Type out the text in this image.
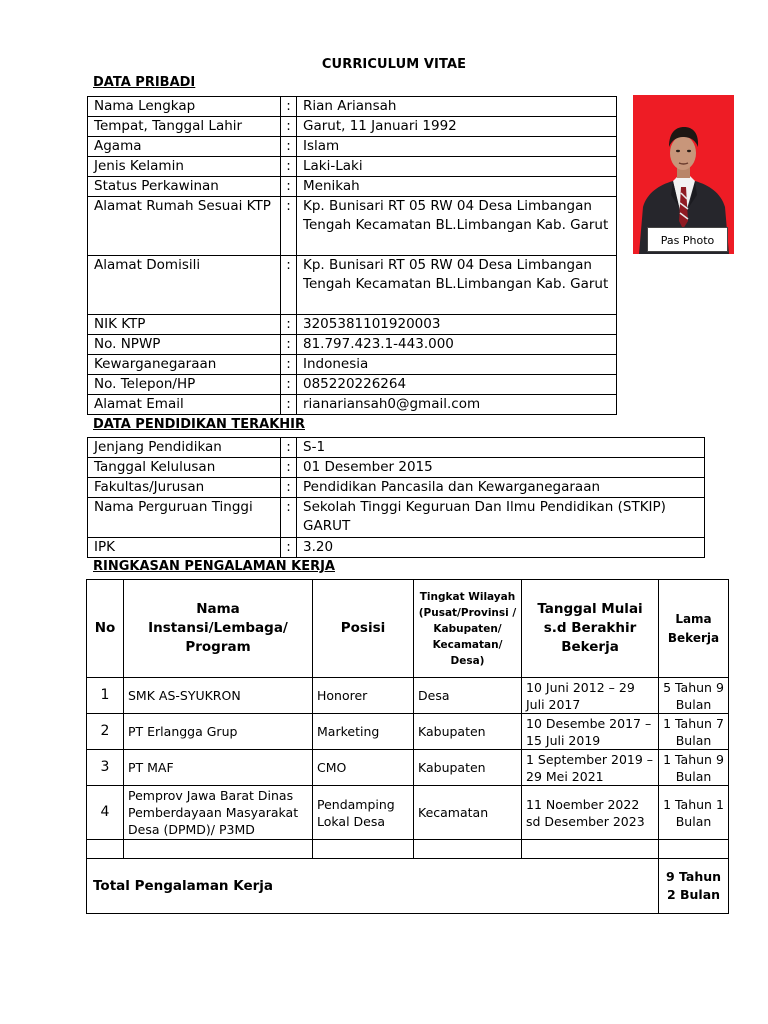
CURRICULUM VITAE
DATA PRIBADI
Nama Lengkap	:	Rian Ariansah
Tempat, Tanggal Lahir	:	Garut, 11 Januari 1992
Agama	:	Islam
Jenis Kelamin	:	Laki-Laki
Status Perkawinan	:	Menikah
Alamat Rumah Sesuai KTP	:	Kp. Bunisari RT 05 RW 04 Desa Limbangan Tengah Kecamatan BL.Limbangan Kab. Garut
Alamat Domisili	:	Kp. Bunisari RT 05 RW 04 Desa Limbangan Tengah Kecamatan BL.Limbangan Kab. Garut
NIK KTP	:	3205381101920003
No. NPWP	:	81.797.423.1-443.000
Kewarganegaraan	:	Indonesia
No. Telepon/HP	:	085220226264
Alamat Email	:	rianariansah0@gmail.com
Pas Photo
DATA PENDIDIKAN TERAKHIR
Jenjang Pendidikan	:	S-1
Tanggal Kelulusan	:	01 Desember 2015
Fakultas/Jurusan	:	Pendidikan Pancasila dan Kewarganegaraan
Nama Perguruan Tinggi	:	Sekolah Tinggi Keguruan Dan Ilmu Pendidikan (STKIP) GARUT
IPK	:	3.20
RINGKASAN PENGALAMAN KERJA
No	Nama Instansi/Lembaga/ Program	Posisi	Tingkat Wilayah (Pusat/Provinsi / Kabupaten/ Kecamatan/ Desa)	Tanggal Mulai s.d Berakhir Bekerja	Lama Bekerja
1	SMK AS-SYUKRON	Honorer	Desa	10 Juni 2012 – 29 Juli 2017	5 Tahun 9 Bulan
2	PT Erlangga Grup	Marketing	Kabupaten	10 Desembe 2017 – 15 Juli 2019	1 Tahun 7 Bulan
3	PT MAF	CMO	Kabupaten	1 September 2019 – 29 Mei 2021	1 Tahun 9 Bulan
4	Pemprov Jawa Barat Dinas Pemberdayaan Masyarakat Desa (DPMD)/ P3MD	Pendamping Lokal Desa	Kecamatan	11 Noember 2022 sd Desember 2023	1 Tahun 1 Bulan

Total Pengalaman Kerja					9 Tahun 2 Bulan
